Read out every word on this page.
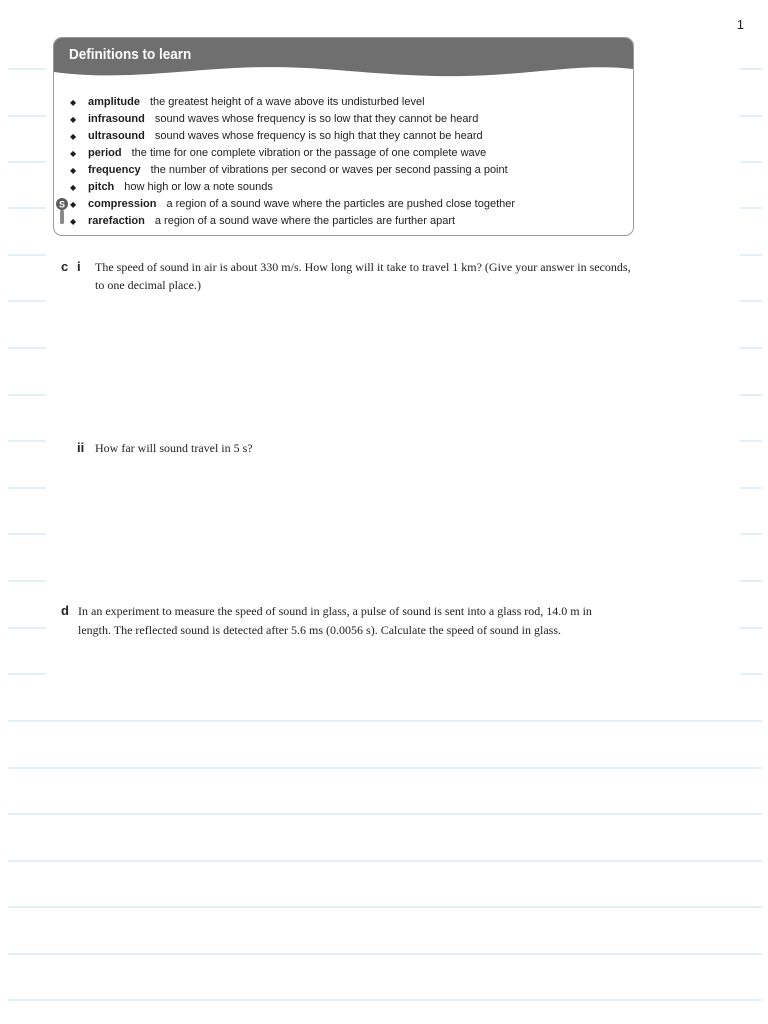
1
Definitions to learn
◆ amplitude the greatest height of a wave above its undisturbed level
◆ infrasound sound waves whose frequency is so low that they cannot be heard
◆ ultrasound sound waves whose frequency is so high that they cannot be heard
◆ period the time for one complete vibration or the passage of one complete wave
◆ frequency the number of vibrations per second or waves per second passing a point
◆ pitch how high or low a note sounds
◆ compression a region of a sound wave where the particles are pushed close together
◆ rarefaction a region of a sound wave where the particles are further apart
S
c i The speed of sound in air is about 330 m/s. How long will it take to travel 1 km? (Give your answer in seconds,
to one decimal place.)
ii How far will sound travel in 5 s?
d In an experiment to measure the speed of sound in glass, a pulse of sound is sent into a glass rod, 14.0 m in
length. The reflected sound is detected after 5.6 ms (0.0056 s). Calculate the speed of sound in glass.
